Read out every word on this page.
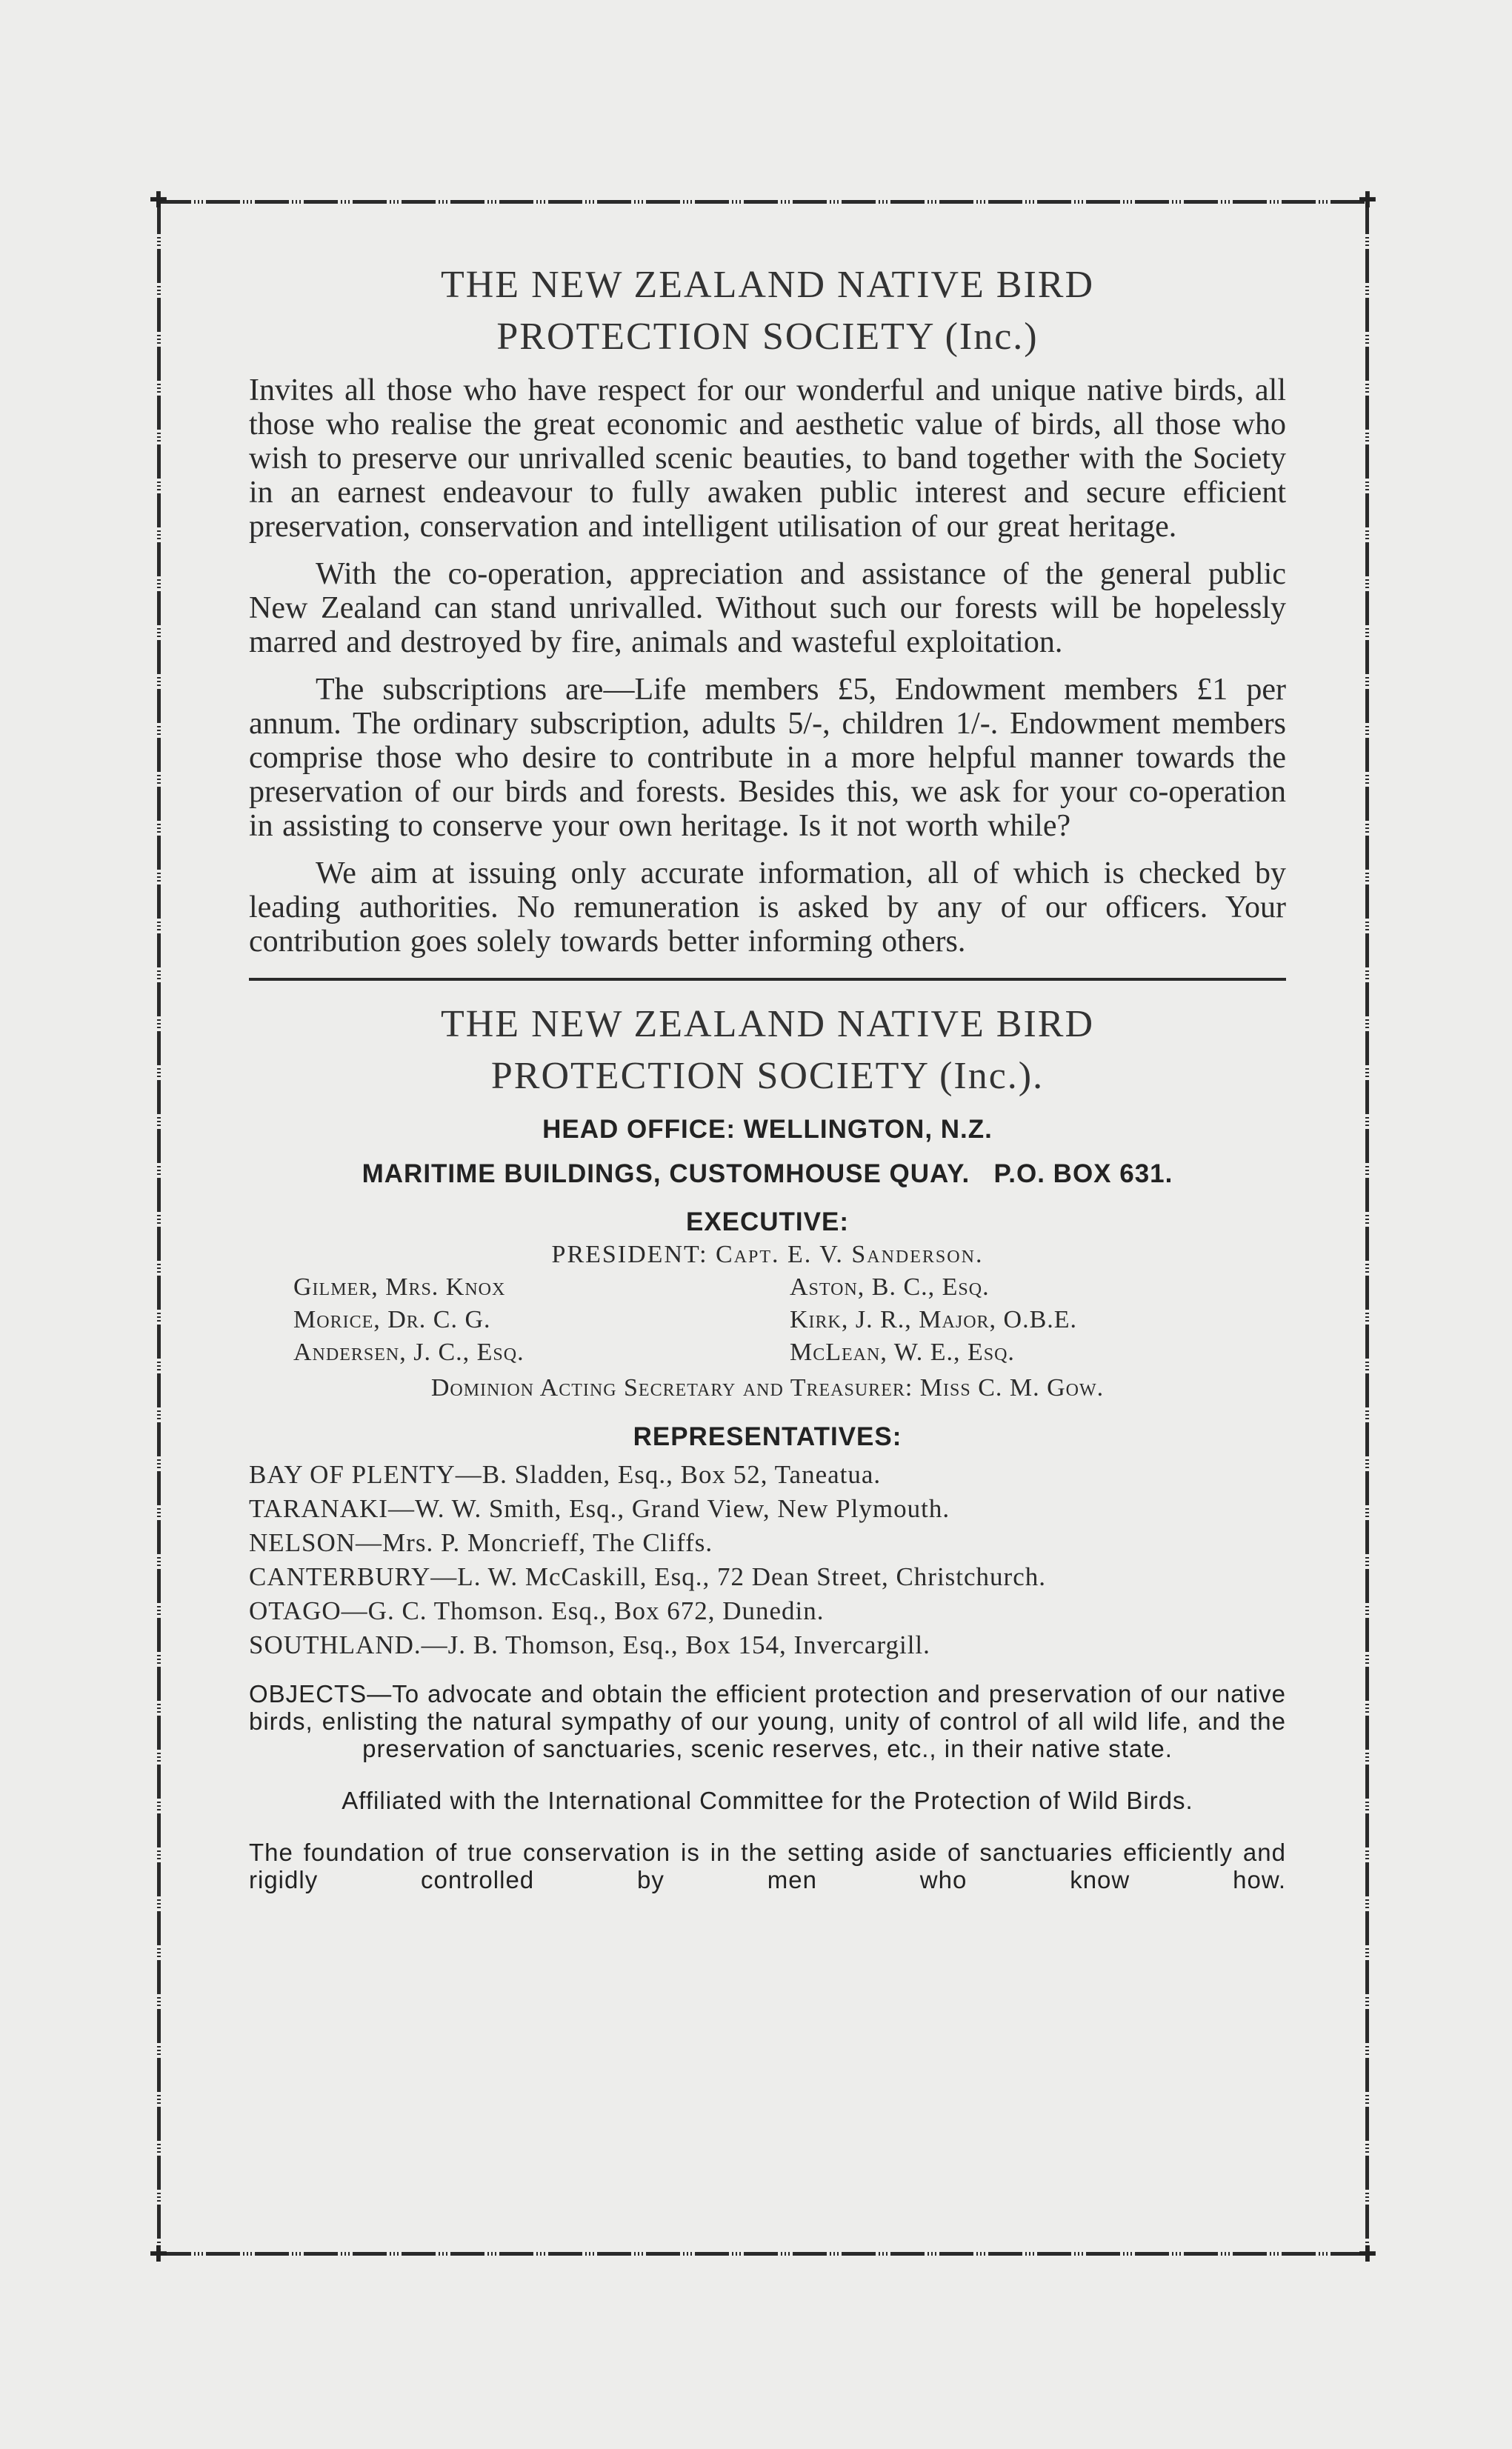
✚	✚
✚	✚
THE NEW ZEALAND NATIVE BIRD
PROTECTION SOCIETY (Inc.)

Invites all those who have respect for our wonderful and unique native birds, all those who realise the great economic and aesthetic value of birds, all those who wish to preserve our unrivalled scenic beauties, to band together with the Society in an earnest endeavour to fully awaken public interest and secure efficient preservation, conservation and intelligent utilisation of our great heritage.

With the co-operation, appreciation and assistance of the general public New Zealand can stand unrivalled. Without such our forests will be hopelessly marred and destroyed by fire, animals and wasteful exploitation.

The subscriptions are—Life members £5, Endowment members £1 per annum. The ordinary subscription, adults 5/-, children 1/-. Endowment members comprise those who desire to contribute in a more helpful manner towards the preservation of our birds and forests. Besides this, we ask for your co-operation in assisting to conserve your own heritage. Is it not worth while?

We aim at issuing only accurate information, all of which is checked by leading authorities. No remuneration is asked by any of our officers. Your contribution goes solely towards better informing others.

THE NEW ZEALAND NATIVE BIRD
PROTECTION SOCIETY (Inc.).
HEAD OFFICE: WELLINGTON, N.Z.
MARITIME BUILDINGS, CUSTOMHOUSE QUAY.   P.O. BOX 631.
EXECUTIVE:
PRESIDENT: Capt. E. V. Sanderson.
Gilmer, Mrs. Knox	Aston, B. C., Esq.
Morice, Dr. C. G.	Kirk, J. R., Major, O.B.E.
Andersen, J. C., Esq.	McLean, W. E., Esq.
Dominion Acting Secretary and Treasurer: Miss C. M. Gow.
REPRESENTATIVES:
BAY OF PLENTY—B. Sladden, Esq., Box 52, Taneatua.
TARANAKI—W. W. Smith, Esq., Grand View, New Plymouth.
NELSON—Mrs. P. Moncrieff, The Cliffs.
CANTERBURY—L. W. McCaskill, Esq., 72 Dean Street, Christchurch.
OTAGO—G. C. Thomson. Esq., Box 672, Dunedin.
SOUTHLAND.—J. B. Thomson, Esq., Box 154, Invercargill.

OBJECTS—To advocate and obtain the efficient protection and preservation of our native birds, enlisting the natural sympathy of our young, unity of control of all wild life, and the preservation of sanctuaries, scenic reserves, etc., in their native state.

Affiliated with the International Committee for the Protection of Wild Birds.

The foundation of true conservation is in the setting aside of sanctuaries efficiently and rigidly controlled by men who know how.
